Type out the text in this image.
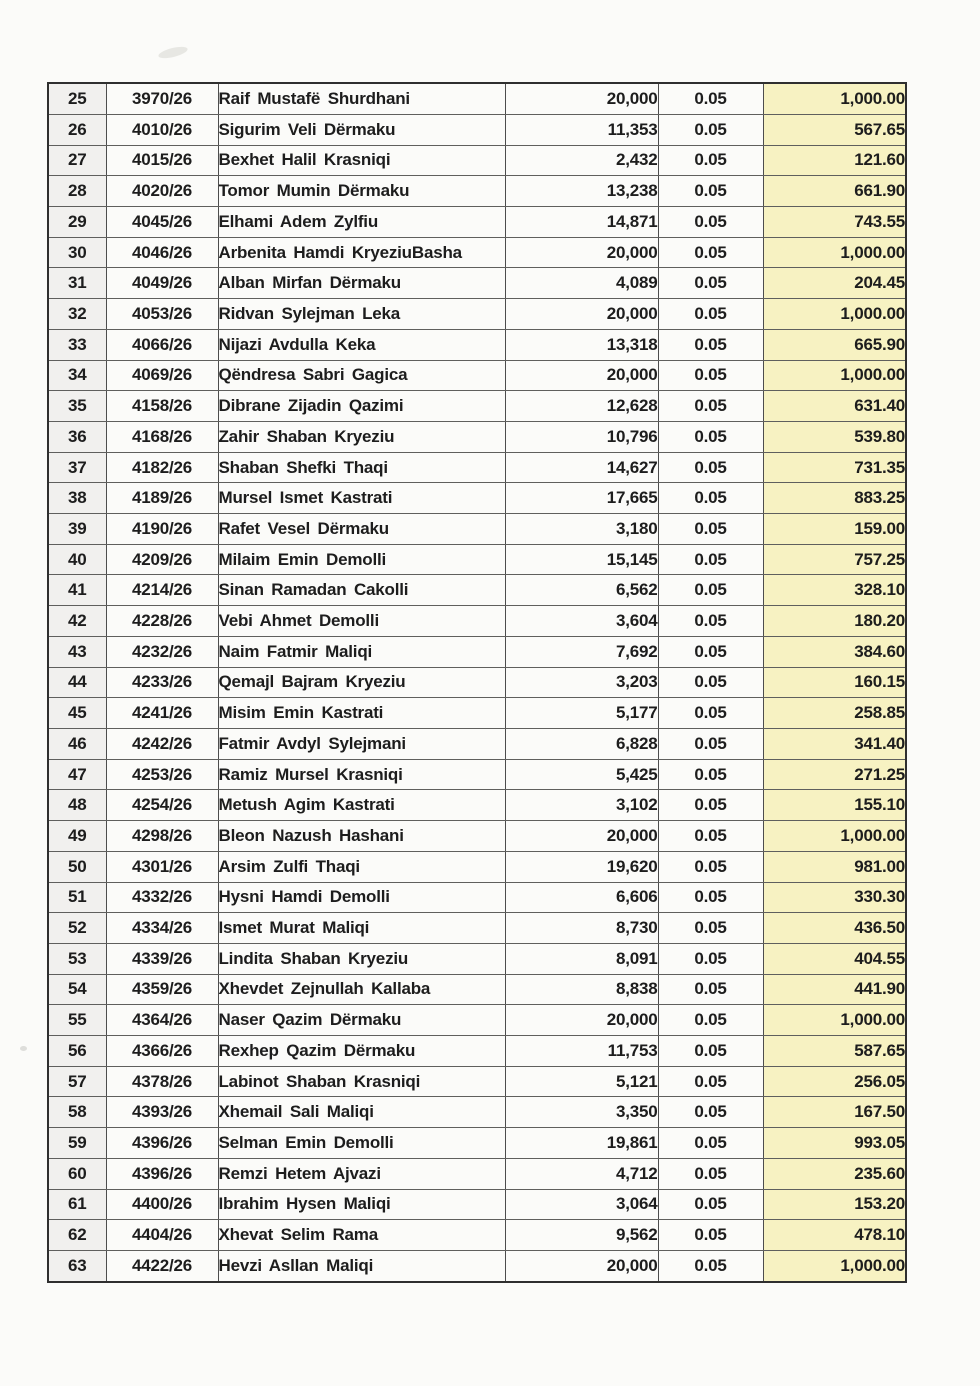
25	3970/26	Raif Mustafë Shurdhani	20,000	0.05	1,000.00
26	4010/26	Sigurim Veli Dërmaku	11,353	0.05	567.65
27	4015/26	Bexhet Halil Krasniqi	2,432	0.05	121.60
28	4020/26	Tomor Mumin Dërmaku	13,238	0.05	661.90
29	4045/26	Elhami Adem Zylfiu	14,871	0.05	743.55
30	4046/26	Arbenita Hamdi KryeziuBasha	20,000	0.05	1,000.00
31	4049/26	Alban Mirfan Dërmaku	4,089	0.05	204.45
32	4053/26	Ridvan Sylejman Leka	20,000	0.05	1,000.00
33	4066/26	Nijazi Avdulla Keka	13,318	0.05	665.90
34	4069/26	Qëndresa Sabri Gagica	20,000	0.05	1,000.00
35	4158/26	Dibrane Zijadin Qazimi	12,628	0.05	631.40
36	4168/26	Zahir Shaban Kryeziu	10,796	0.05	539.80
37	4182/26	Shaban Shefki Thaqi	14,627	0.05	731.35
38	4189/26	Mursel Ismet Kastrati	17,665	0.05	883.25
39	4190/26	Rafet Vesel Dërmaku	3,180	0.05	159.00
40	4209/26	Milaim Emin Demolli	15,145	0.05	757.25
41	4214/26	Sinan Ramadan Cakolli	6,562	0.05	328.10
42	4228/26	Vebi Ahmet Demolli	3,604	0.05	180.20
43	4232/26	Naim Fatmir Maliqi	7,692	0.05	384.60
44	4233/26	Qemajl Bajram Kryeziu	3,203	0.05	160.15
45	4241/26	Misim Emin Kastrati	5,177	0.05	258.85
46	4242/26	Fatmir Avdyl Sylejmani	6,828	0.05	341.40
47	4253/26	Ramiz Mursel Krasniqi	5,425	0.05	271.25
48	4254/26	Metush Agim Kastrati	3,102	0.05	155.10
49	4298/26	Bleon Nazush Hashani	20,000	0.05	1,000.00
50	4301/26	Arsim Zulfi Thaqi	19,620	0.05	981.00
51	4332/26	Hysni Hamdi Demolli	6,606	0.05	330.30
52	4334/26	Ismet Murat Maliqi	8,730	0.05	436.50
53	4339/26	Lindita Shaban Kryeziu	8,091	0.05	404.55
54	4359/26	Xhevdet Zejnullah Kallaba	8,838	0.05	441.90
55	4364/26	Naser Qazim Dërmaku	20,000	0.05	1,000.00
56	4366/26	Rexhep Qazim Dërmaku	11,753	0.05	587.65
57	4378/26	Labinot Shaban Krasniqi	5,121	0.05	256.05
58	4393/26	Xhemail Sali Maliqi	3,350	0.05	167.50
59	4396/26	Selman Emin Demolli	19,861	0.05	993.05
60	4396/26	Remzi Hetem Ajvazi	4,712	0.05	235.60
61	4400/26	Ibrahim Hysen Maliqi	3,064	0.05	153.20
62	4404/26	Xhevat Selim Rama	9,562	0.05	478.10
63	4422/26	Hevzi Asllan Maliqi	20,000	0.05	1,000.00
